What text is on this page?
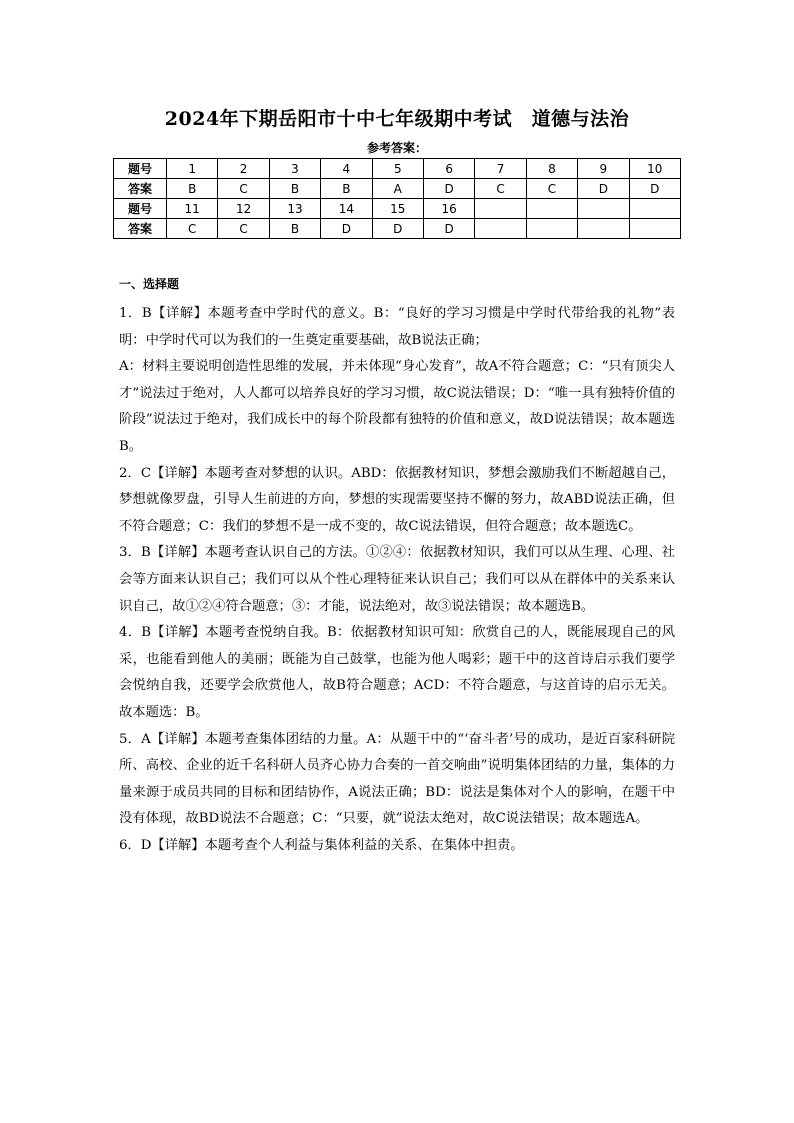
2024年下期岳阳市十中七年级期中考试　道德与法治
参考答案：
题号	1	2	3	4	5	6	7	8	9	10
答案	B	C	B	B	A	D	C	C	D	D
题号	11	12	13	14	15	16				
答案	C	C	B	D	D	D				
一、选择题

1．B【详解】本题考查中学时代的意义。B：“良好的学习习惯是中学时代带给我的礼物”表明：中学时代可以为我们的一生奠定重要基础，故B说法正确；

A：材料主要说明创造性思维的发展，并未体现“身心发育”，故A不符合题意；C：“只有顶尖人才”说法过于绝对，人人都可以培养良好的学习习惯，故C说法错误；D：“唯一具有独特价值的阶段”说法过于绝对，我们成长中的每个阶段都有独特的价值和意义，故D说法错误；故本题选B。

2．C【详解】本题考查对梦想的认识。ABD：依据教材知识，梦想会激励我们不断超越自己，梦想就像罗盘，引导人生前进的方向，梦想的实现需要坚持不懈的努力，故ABD说法正确，但不符合题意；C：我们的梦想不是一成不变的，故C说法错误，但符合题意；故本题选C。

3．B【详解】本题考查认识自己的方法。①②④：依据教材知识，我们可以从生理、心理、社会等方面来认识自己；我们可以从个性心理特征来认识自己；我们可以从在群体中的关系来认识自己，故①②④符合题意；③：才能，说法绝对，故③说法错误；故本题选B。

4．B【详解】本题考查悦纳自我。B：依据教材知识可知：欣赏自己的人，既能展现自己的风采，也能看到他人的美丽；既能为自己鼓掌，也能为他人喝彩；题干中的这首诗启示我们要学会悦纳自我，还要学会欣赏他人，故B符合题意；ACD：不符合题意，与这首诗的启示无关。故本题选：B。

5．A【详解】本题考查集体团结的力量。A：从题干中的“‘奋斗者’号的成功，是近百家科研院所、高校、企业的近千名科研人员齐心协力合奏的一首交响曲”说明集体团结的力量，集体的力量来源于成员共同的目标和团结协作，A说法正确；BD：说法是集体对个人的影响，在题干中没有体现，故BD说法不合题意；C：“只要，就”说法太绝对，故C说法错误；故本题选A。

6．D【详解】本题考查个人利益与集体利益的关系、在集体中担责。
